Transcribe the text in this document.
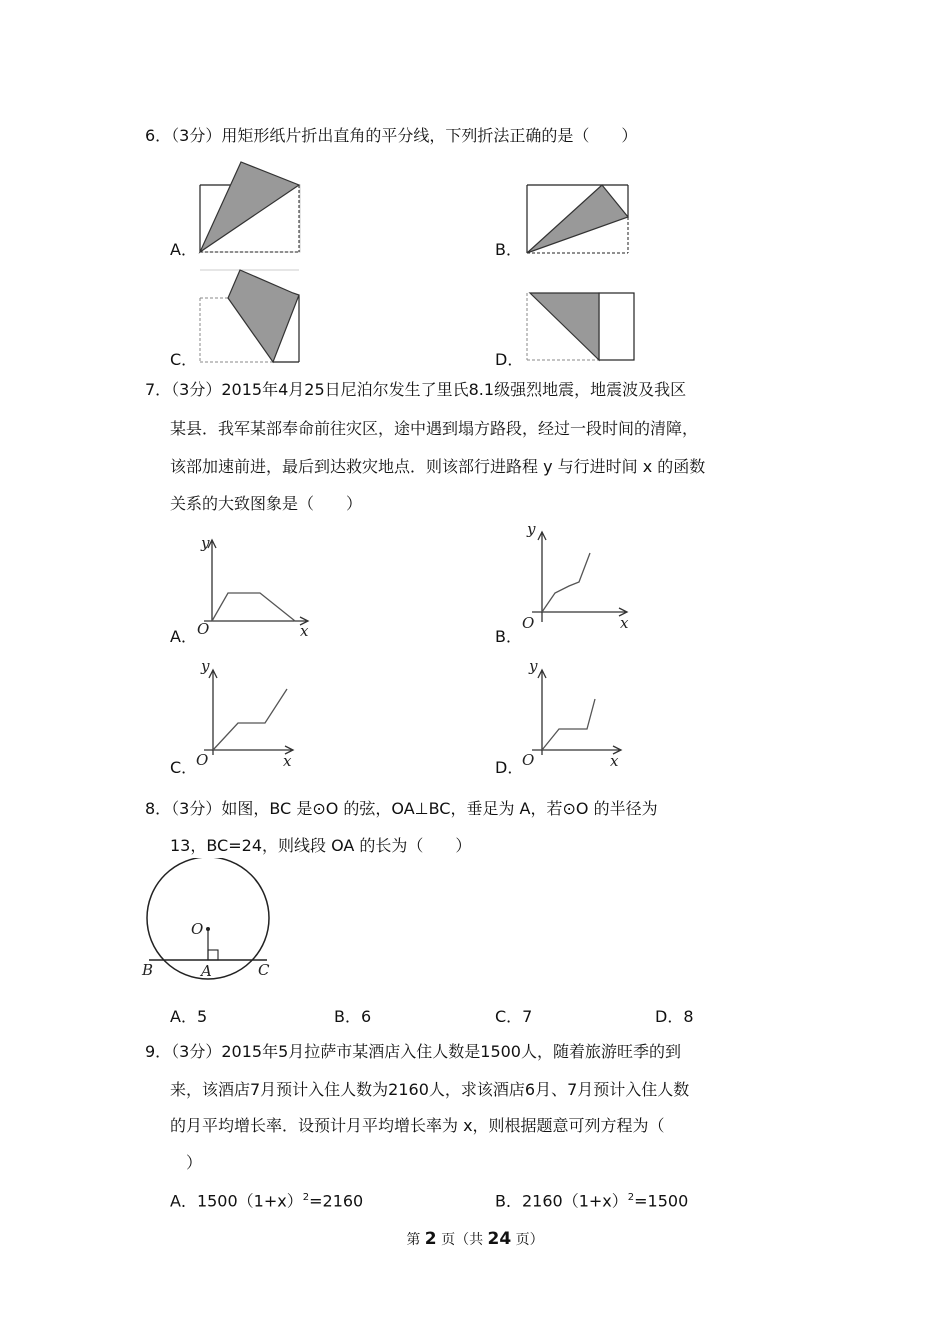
6．（3分）用矩形纸片折出直角的平分线，下列折法正确的是（　　）
A．	B．
C．	D．
7．（3分）2015年4月25日尼泊尔发生了里氏8.1级强烈地震，地震波及我区
某县．我军某部奉命前往灾区，途中遇到塌方路段，经过一段时间的清障，
该部加速前进，最后到达救灾地点．则该部行进路程 y 与行进时间 x 的函数
关系的大致图象是（　　）
A．
y
O	x	B．
y
O	x
C．
y
O	x	D．
y
O	x
8．（3分）如图，BC 是⊙O 的弦，OA⊥BC，垂足为 A，若⊙O 的半径为
13，BC=24，则线段 OA 的长为（　　）
O
A
B	C
A．5	B．6	C．7	D．8
9．（3分）2015年5月拉萨市某酒店入住人数是1500人，随着旅游旺季的到
来，该酒店7月预计入住人数为2160人，求该酒店6月、7月预计入住人数
的月平均增长率．设预计月平均增长率为 x，则根据题意可列方程为（
）
A．$1500(1+x)^2=2160$	B．$2160(1+x)^2=1500$
第 2 页（共 24 页）
